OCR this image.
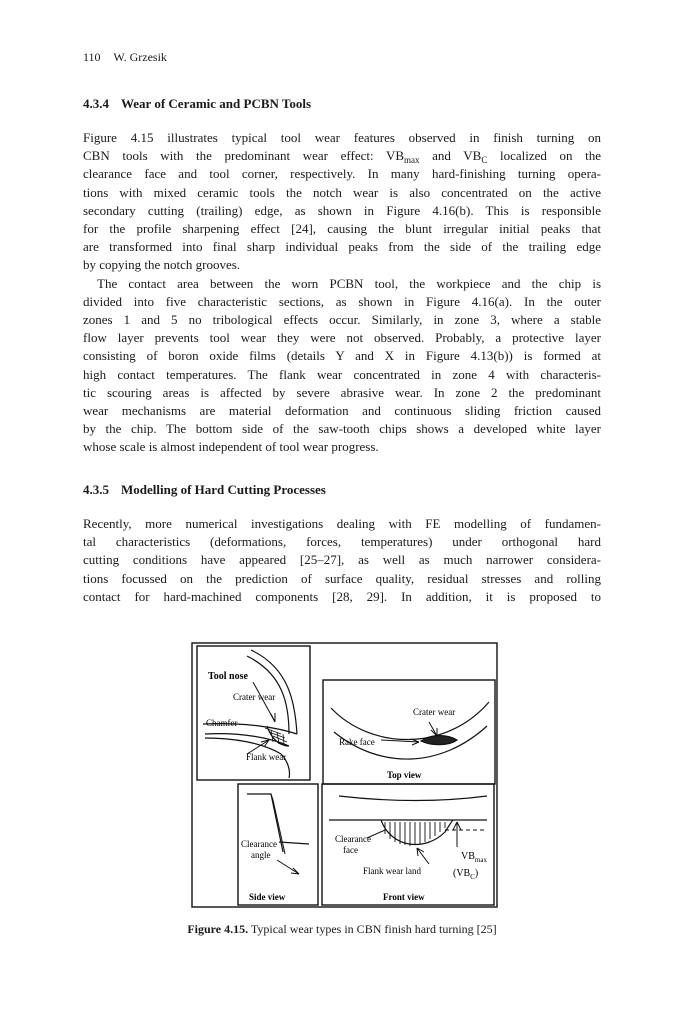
110 W. Grzesik
4.3.4 Wear of Ceramic and PCBN Tools
Figure 4.15 illustrates typical tool wear features observed in finish turning on
CBN tools with the predominant wear effect: $VB_{max}$ and $VB_C$ localized on the
clearance face and tool corner, respectively. In many hard-finishing turning opera-
tions with mixed ceramic tools the notch wear is also concentrated on the active
secondary cutting (trailing) edge, as shown in Figure 4.16(b). This is responsible
for the profile sharpening effect [24], causing the blunt irregular initial peaks that
are transformed into final sharp individual peaks from the side of the trailing edge
by copying the notch grooves.
The contact area between the worn PCBN tool, the workpiece and the chip is
divided into five characteristic sections, as shown in Figure 4.16(a). In the outer
zones 1 and 5 no tribological effects occur. Similarly, in zone 3, where a stable
flow layer prevents tool wear they were not observed. Probably, a protective layer
consisting of boron oxide films (details Y and X in Figure 4.13(b)) is formed at
high contact temperatures. The flank wear concentrated in zone 4 with characteris-
tic scouring areas is affected by severe abrasive wear. In zone 2 the predominant
wear mechanisms are material deformation and continuous sliding friction caused
by the chip. The bottom side of the saw-tooth chips shows a developed white layer
whose scale is almost independent of tool wear progress.
4.3.5 Modelling of Hard Cutting Processes
Recently, more numerical investigations dealing with FE modelling of fundamen-
tal characteristics (deformations, forces, temperatures) under orthogonal hard
cutting conditions have appeared [25–27], as well as much narrower considera-
tions focussed on the prediction of surface quality, residual stresses and rolling
contact for hard-machined components [28, 29]. In addition, it is proposed to
Tool nose
Crater wear
Chamfer
Flank wear
Crater wear
Rake face
Top view
Clearance
angle
Side view
Clearance
face
$VB_{max}$
$(VB_C)$
Flank wear land
Front view
Figure 4.15. Typical wear types in CBN finish hard turning [25]
